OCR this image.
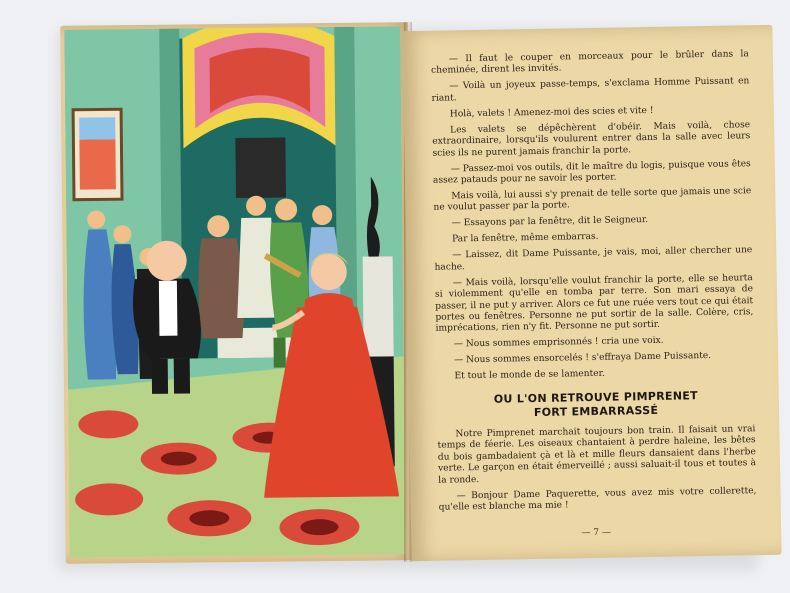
— Il faut le couper en morceaux pour le brûler dans la cheminée, dirent les invités.

— Voilà un joyeux passe-temps, s'exclama Homme Puissant en riant.

Holà, valets ! Amenez-moi des scies et vite !

Les valets se dépêchèrent d'obéir. Mais voilà, chose extraordinaire, lorsqu'ils voulurent entrer dans la salle avec leurs scies ils ne purent jamais franchir la porte.

— Passez-moi vos outils, dit le maître du logis, puisque vous êtes assez patauds pour ne savoir les porter.

Mais voilà, lui aussi s'y prenait de telle sorte que jamais une scie ne voulut passer par la porte.

— Essayons par la fenêtre, dit le Seigneur.

Par la fenêtre, même embarras.

— Laissez, dit Dame Puissante, je vais, moi, aller chercher une hache.

— Mais voilà, lorsqu'elle voulut franchir la porte, elle se heurta si violemment qu'elle en tomba par terre. Son mari essaya de passer, il ne put y arriver. Alors ce fut une ruée vers tout ce qui était portes ou fenêtres. Personne ne put sortir de la salle. Colère, cris, imprécations, rien n'y fit. Personne ne put sortir.

— Nous sommes emprisonnés ! cria une voix.

— Nous sommes ensorcelés ! s'effraya Dame Puissante.

Et tout le monde de se lamenter.

OU L'ON RETROUVE PIMPRENET
FORT EMBARRASSÉ

Notre Pimprenet marchait toujours bon train. Il faisait un vrai temps de féerie. Les oiseaux chantaient à perdre haleine, les bêtes du bois gambadaient çà et là et mille fleurs dansaient dans l'herbe verte. Le garçon en était émerveillé ; aussi saluait-il tous et toutes à la ronde.

— Bonjour Dame Paquerette, vous avez mis votre collerette, qu'elle est blanche ma mie !

— 7 —
